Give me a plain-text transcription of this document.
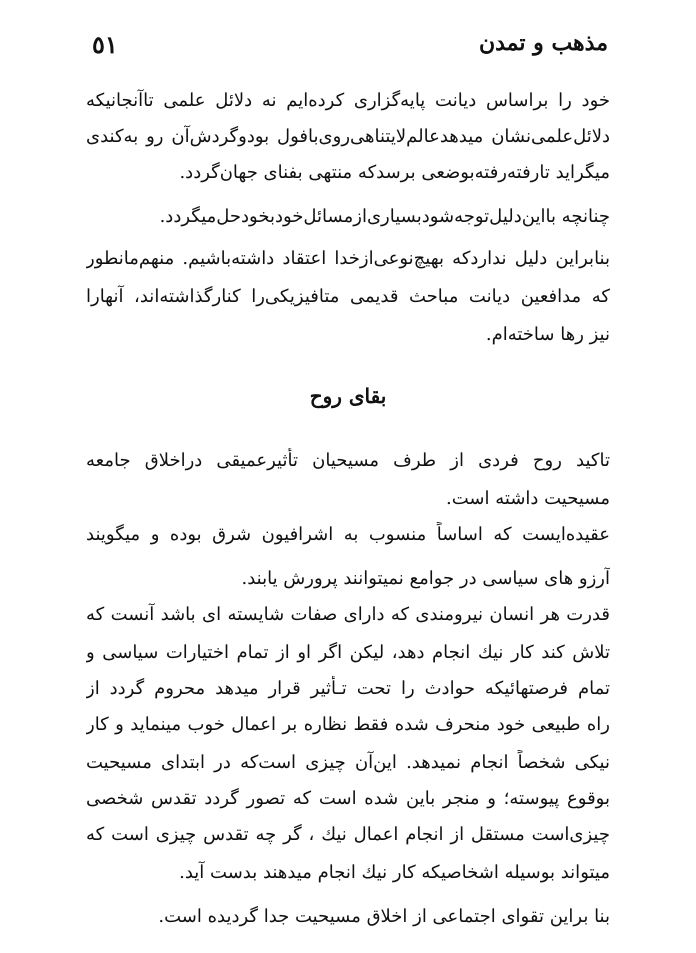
مذهب و تمدن
٥١
خود را براساس دیانت پایه‌گزاری کرده‌ایم نه دلائل علمی تاآنجانیکه
دلائل‌علمی‌نشان میدهدعالم‌لایتناهی‌روی‌بافول بودو‌گردش‌آن رو به‌کندی
میگراید تارفته‌رفته‌بوضعی برسدکه منتهی بفنای جهان‌گردد.
چنانچه بااین‌دلیل‌توجه‌شود‌بسیاری‌ازمسائل‌خود‌بخودحل‌میگردد.
بنابراین دلیل ندارد‌که بهیچ‌نوعی‌ازخدا اعتقاد داشته‌باشیم. منهم‌مانطور
که مدافعین دیانت مباحث قدیمی متافیزیکی‌را کنارگذاشته‌اند، آنهارا
نیز رها ساخته‌ام.
بقای روح
تاکید روح فردی از طرف مسیحیان تأثیرعمیقی دراخلاق جامعه
مسیحیت داشته است.
عقیده‌ایست که اساساً منسوب به اشرافیون شرق بوده و میگویند
آرزو های سیاسی در جوامع نمیتوانند پرورش یابند.
قدرت هر انسان نیرومندی که دارای صفات شایسته ای باشد آنست که
تلاش کند کار نیك انجام دهد، لیکن اگر او از تمام اختیارات سیاسی و
تمام فرصتهائیکه حوادث را تحت تـأثیر قرار میدهد محروم گردد از
راه طبیعی خود منحرف شده فقط نظاره بر اعمال خوب مینماید و کار
نیکی شخصاً انجام نمیدهد. این‌آن چیزی است‌که در ابتدای مسیحیت
بوقوع پیوسته؛ و منجر باین شده است که تصور گردد تقدس شخصی
چیزی‌است مستقل از انجام اعمال نیك ، گر چه تقدس چیزی است که
میتواند بوسیله اشخاصیکه کار نیك انجام میدهند بدست آید.
بنا براین تقوای اجتماعی از اخلاق مسیحیت جدا گردیده است.
